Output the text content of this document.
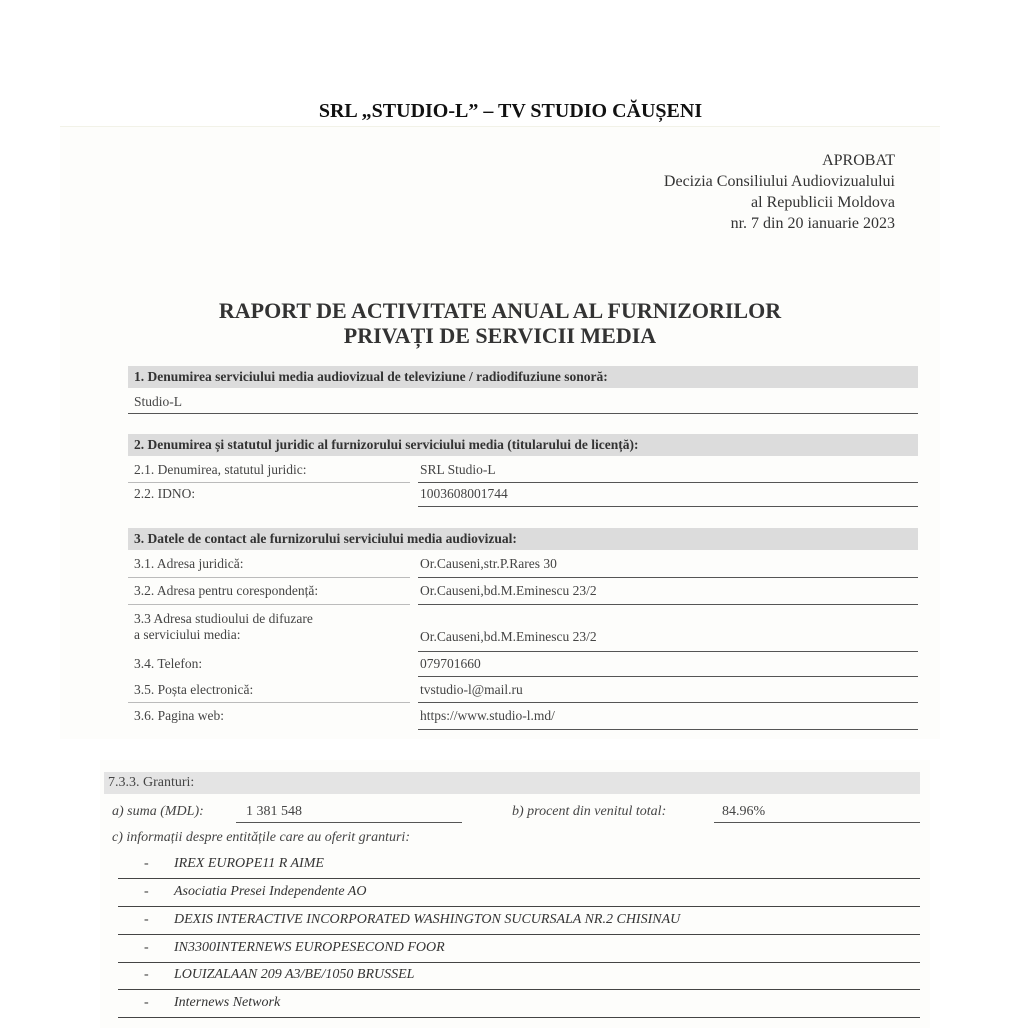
SRL „STUDIO-L” – TV STUDIO CĂUȘENI
APROBAT
Decizia Consiliului Audiovizualului
al Republicii Moldova
nr. 7 din 20 ianuarie 2023
RAPORT DE ACTIVITATE ANUAL AL FURNIZORILOR
PRIVAȚI DE SERVICII MEDIA
1. Denumirea serviciului media audiovizual de televiziune / radiodifuziune sonoră:
Studio-L
2. Denumirea și statutul juridic al furnizorului serviciului media (titularului de licență):
2.1. Denumirea, statutul juridic:	SRL Studio-L
2.2. IDNO:	1003608001744
3. Datele de contact ale furnizorului serviciului media audiovizual:
3.1. Adresa juridică:	Or.Causeni,str.P.Rares 30
3.2. Adresa pentru corespondență:	Or.Causeni,bd.M.Eminescu 23/2
3.3 Adresa studioului de difuzare
a serviciului media:	Or.Causeni,bd.M.Eminescu 23/2
3.4. Telefon:	079701660
3.5. Poșta electronică:	tvstudio-l@mail.ru
3.6. Pagina web:	https://www.studio-l.md/
7.3.3. Granturi:
a) suma (MDL):	1 381 548	b) procent din venitul total:	84.96%
c) informații despre entitățile care au oferit granturi:
- IREX EUROPE11 R AIME
- Asociatia Presei Independente AO
- DEXIS INTERACTIVE INCORPORATED WASHINGTON SUCURSALA NR.2 CHISINAU
- IN3300INTERNEWS EUROPESECOND FOOR
- LOUIZALAAN 209 A3/BE/1050 BRUSSEL
- Internews Network
